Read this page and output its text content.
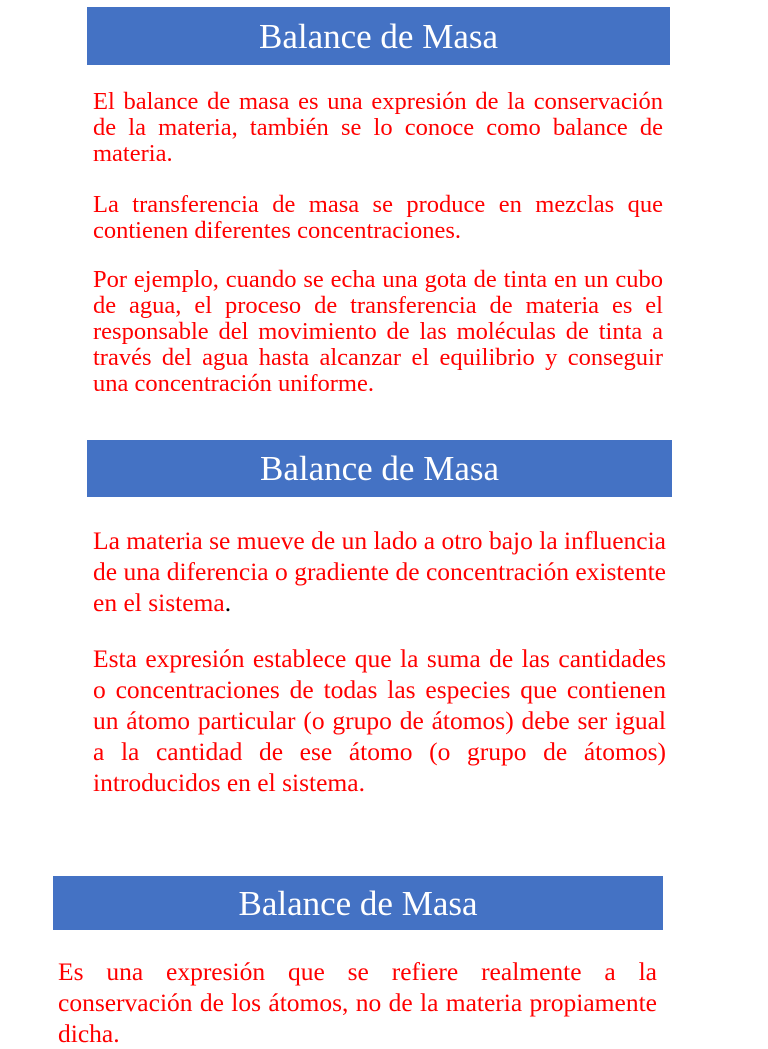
Balance de Masa

El balance de masa es una expresión de la conservación de la materia, también se lo conoce como balance de materia.

La transferencia de masa se produce en mezclas que contienen diferentes concentraciones.

Por ejemplo, cuando se echa una gota de tinta en un cubo de agua, el proceso de transferencia de materia es el responsable del movimiento de las moléculas de tinta a través del agua hasta alcanzar el equilibrio y conseguir una concentración uniforme.

Balance de Masa

La materia se mueve de un lado a otro bajo la influencia de una diferencia o gradiente de concentración existente en el sistema.

Esta expresión establece que la suma de las cantidades o concentraciones de todas las especies que contienen un átomo particular (o grupo de átomos) debe ser igual a la cantidad de ese átomo (o grupo de átomos) introducidos en el sistema.

Balance de Masa

Es una expresión que se refiere realmente a la conservación de los átomos, no de la materia propiamente dicha.
